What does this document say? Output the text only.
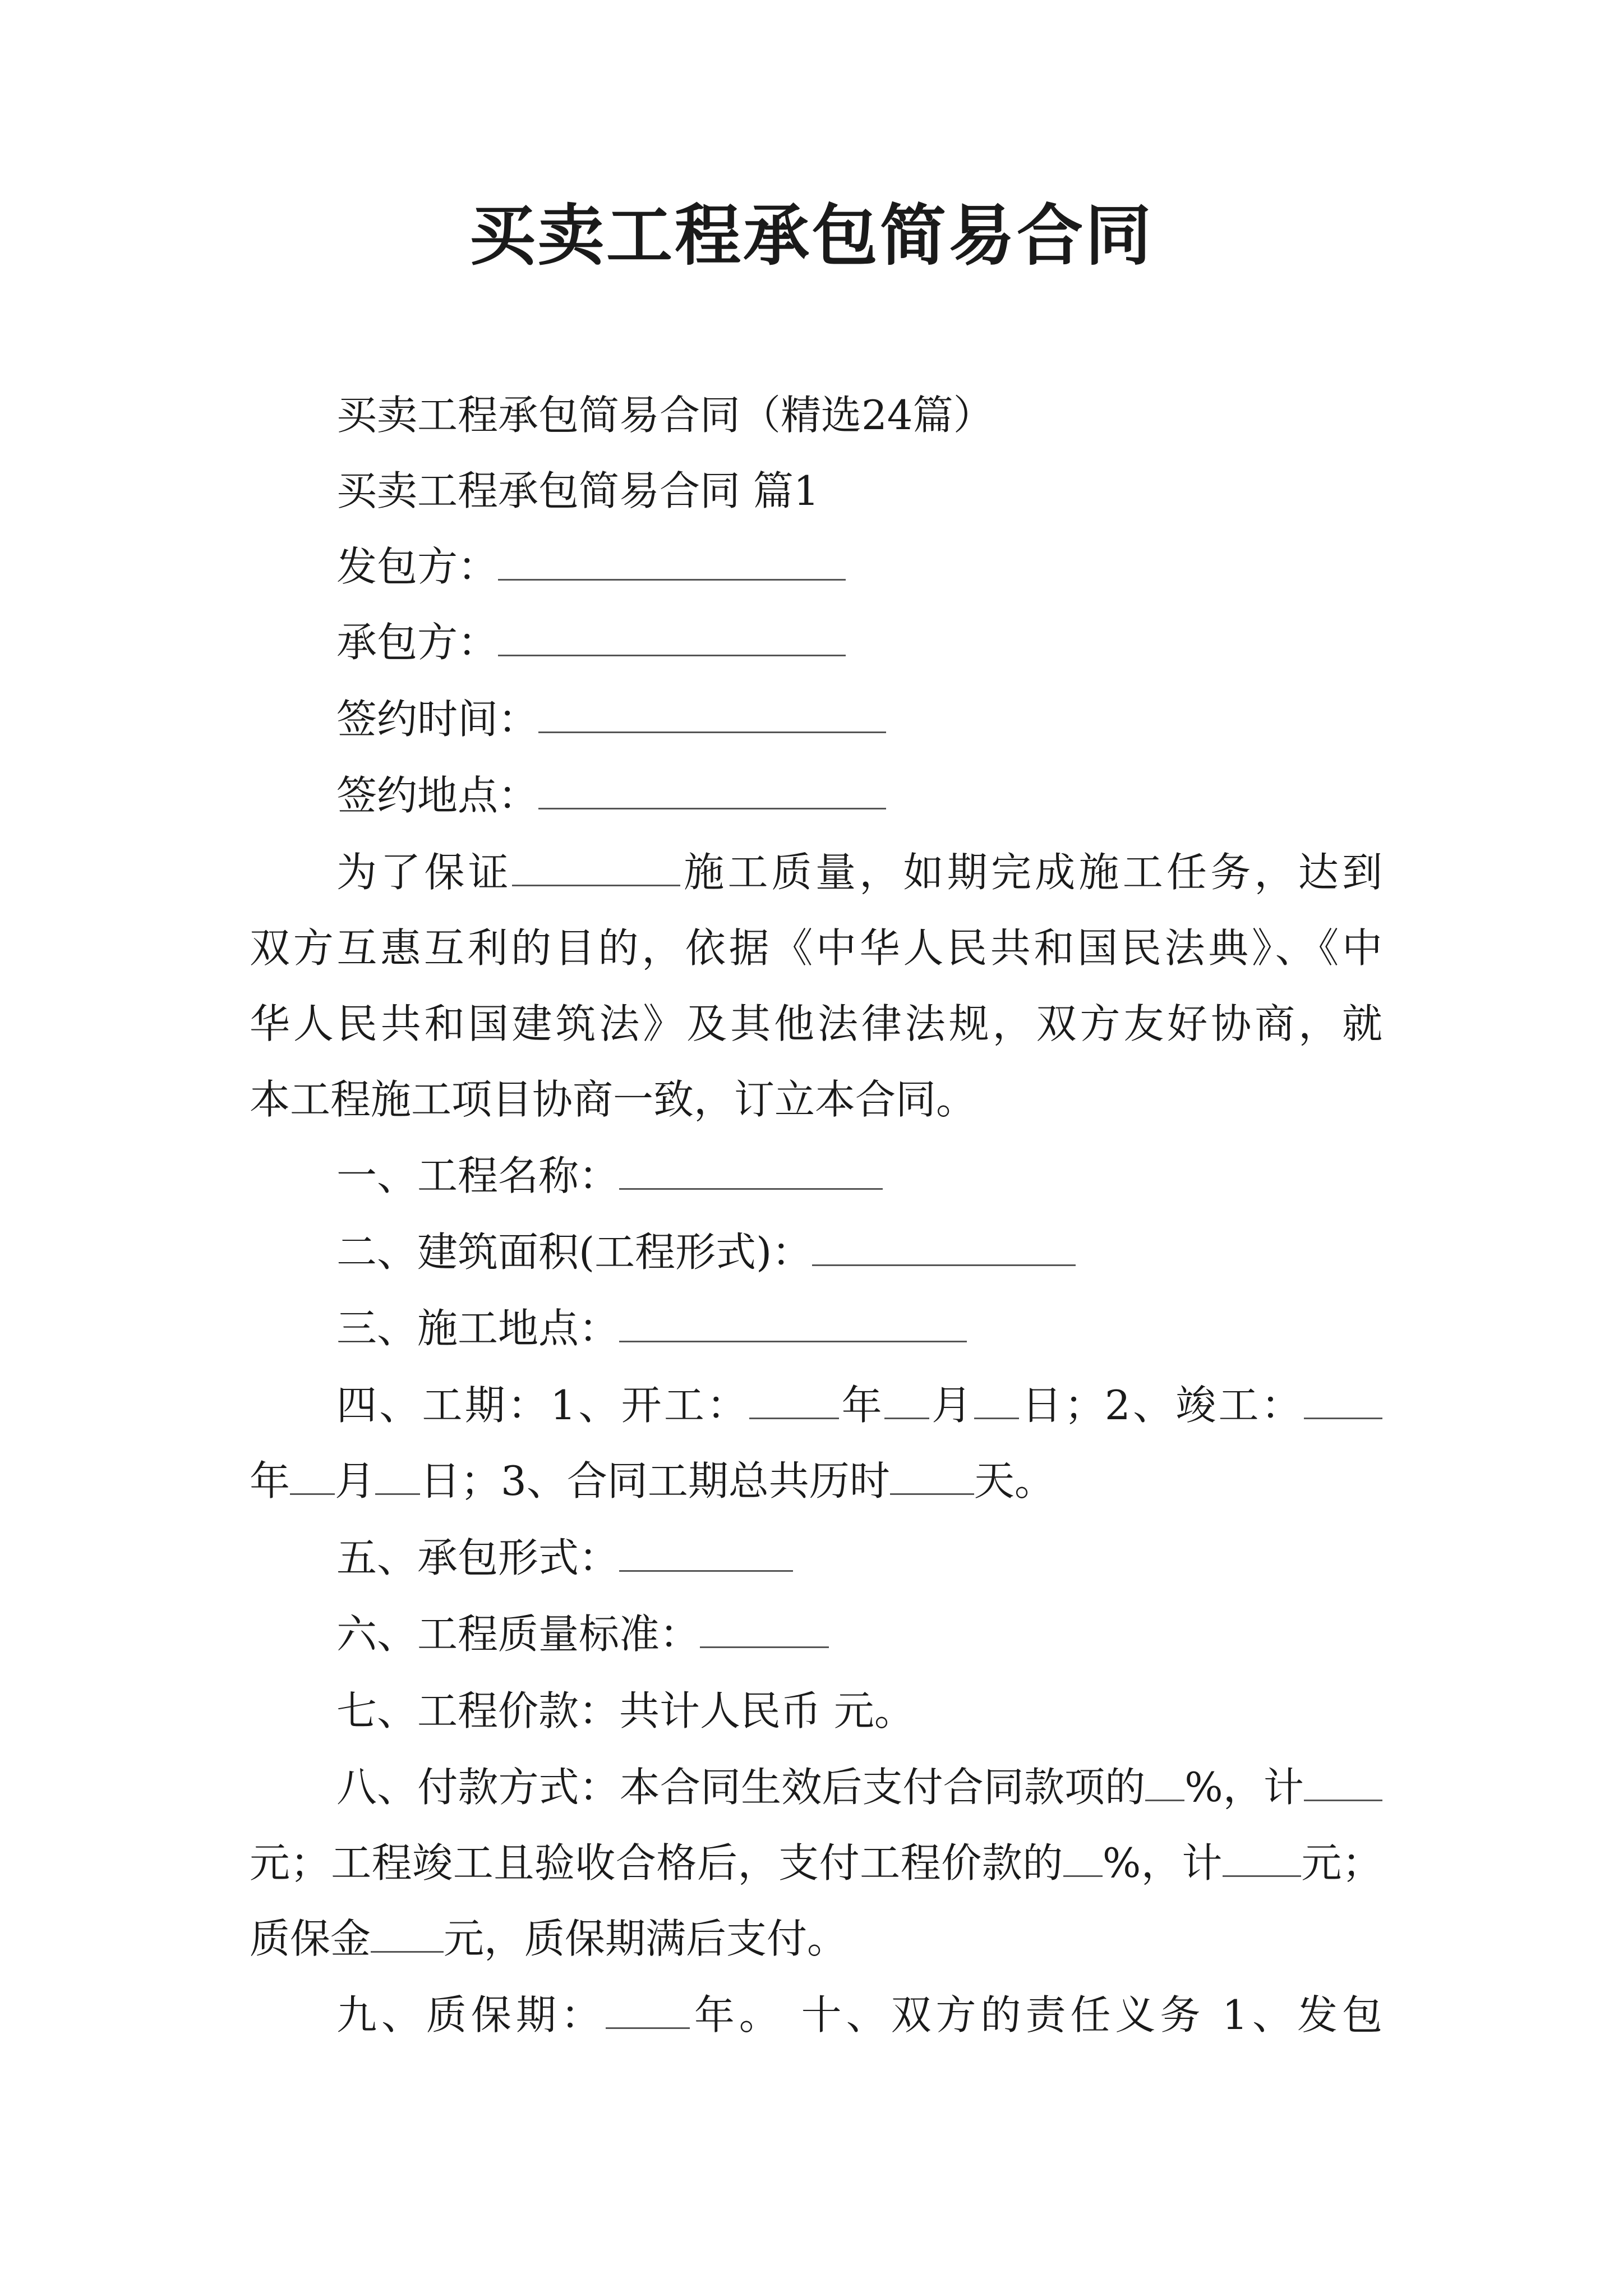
买卖工程承包简易合同
买卖工程承包简易合同（精选24篇）
买卖工程承包简易合同 篇1
发包方：
承包方：
签约时间：
签约地点：
为了保证	施工质量，如期完成施工任务，达到
双方互惠互利的目的，依据《中华人民共和国民法典》、《中
华人民共和国建筑法》及其他法律法规，双方友好协商，就
本工程施工项目协商一致，订立本合同。
一、工程名称：
二、建筑面积(工程形式)：
三、施工地点：
四、工期：1、开工： 年 月 日；2、竣工：
年 月 日；3、合同工期总共历时 天。
五、承包形式：
六、工程质量标准：
七、工程价款：共计人民币 元。
八、付款方式：本合同生效后支付合同款项的 %，计
元；工程竣工且验收合格后，支付工程价款的 %，计 元；
质保金 元，质保期满后支付。
九、质保期： 年。 十、双方的责任义务 1、发包
